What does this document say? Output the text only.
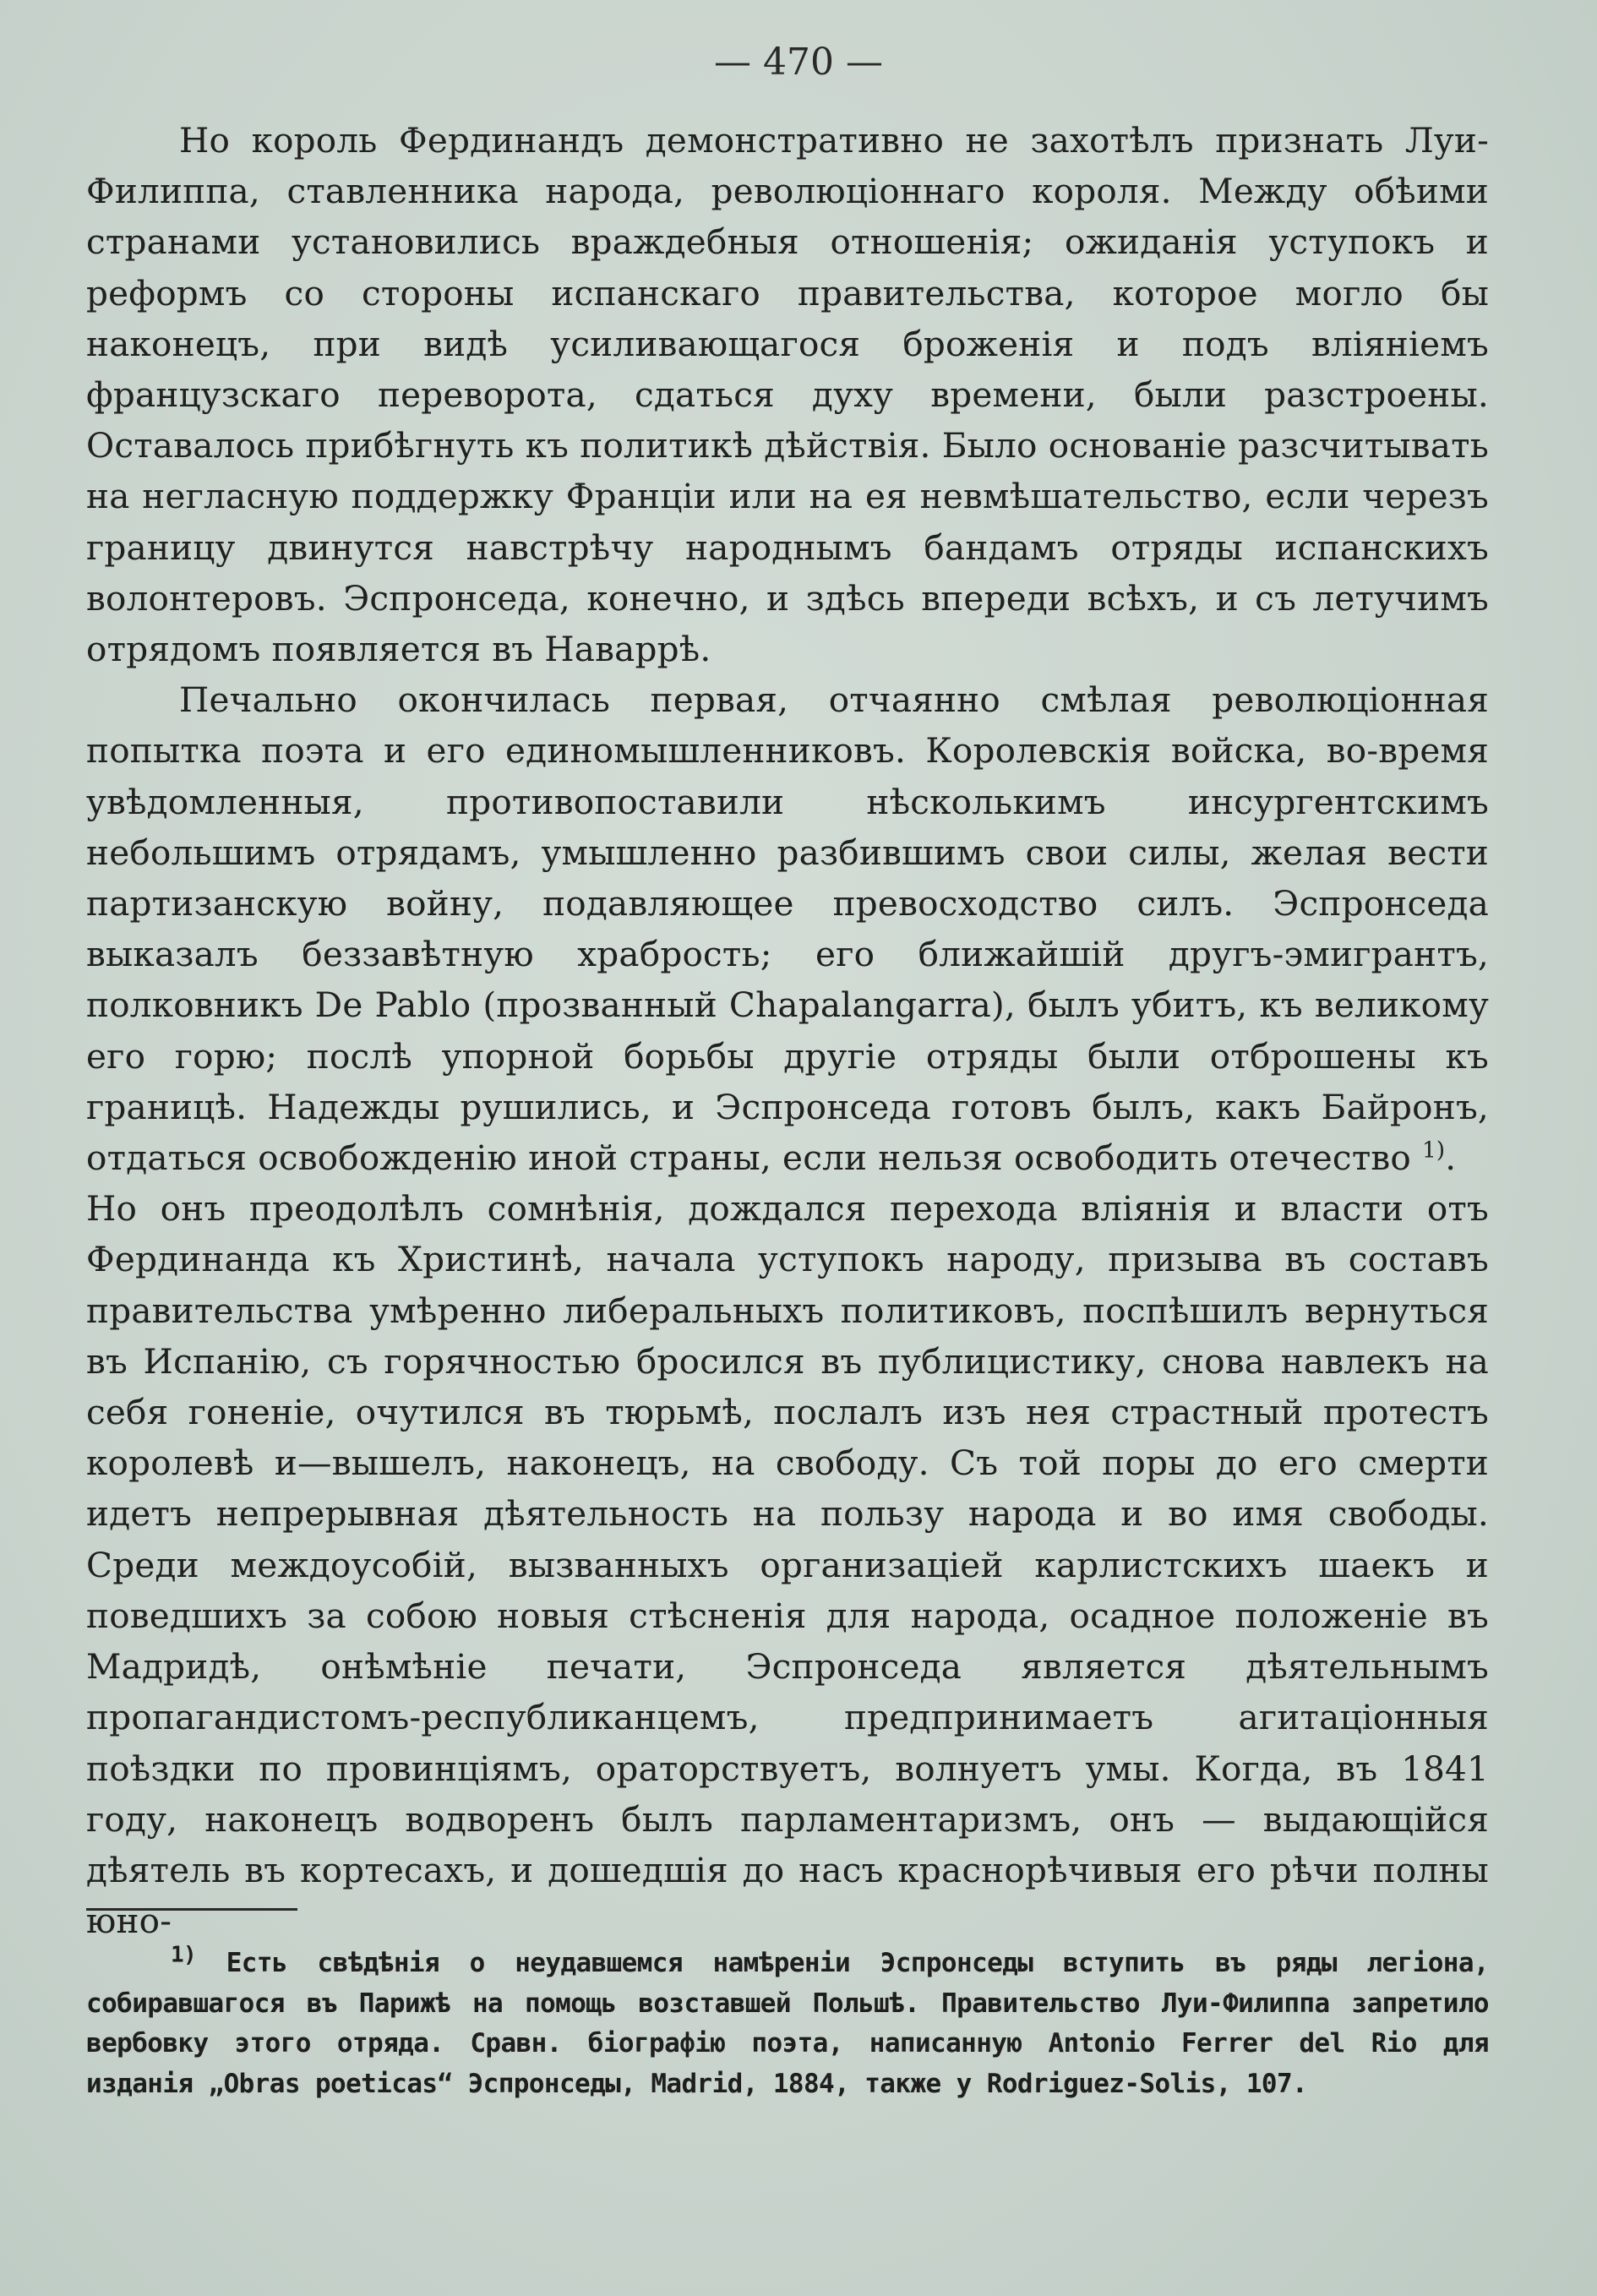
— 470 —

Но король Фердинандъ демонстративно не захотѣлъ признать Луи-Филиппа, ставленника народа, революціоннаго короля. Между обѣими странами установились враждебныя отношенія; ожиданія уступокъ и реформъ со стороны испанскаго правительства, которое могло бы наконецъ, при видѣ усиливающагося броженія и подъ вліяніемъ французскаго переворота, сдаться духу времени, были разстроены. Оставалось прибѣгнуть къ политикѣ дѣйствія. Было основаніе разсчитывать на негласную поддержку Франціи или на ея невмѣшательство, если черезъ границу двинутся навстрѣчу народнымъ бандамъ отряды испанскихъ волонтеровъ. Эспронседа, конечно, и здѣсь впереди всѣхъ, и съ летучимъ отрядомъ появляется въ Наваррѣ.

Печально окончилась первая, отчаянно смѣлая революціонная попытка поэта и его единомышленниковъ. Королевскія войска, во-время увѣдомленныя, противопоставили нѣсколькимъ инсургентскимъ небольшимъ отрядамъ, умышленно разбившимъ свои силы, желая вести партизанскую войну, подавляющее превосходство силъ. Эспронседа выказалъ беззавѣтную храбрость; его ближайшій другъ-эмигрантъ, полковникъ De Pablo (прозванный Chapalangarra), былъ убитъ, къ великому его горю; послѣ упорной борьбы другіе отряды были отброшены къ границѣ. Надежды рушились, и Эспронседа готовъ былъ, какъ Байронъ, отдаться освобожденію иной страны, если нельзя освободить отечество $^{1)}$.

Но онъ преодолѣлъ сомнѣнія, дождался перехода вліянія и власти отъ Фердинанда къ Христинѣ, начала уступокъ народу, призыва въ составъ правительства умѣренно либеральныхъ политиковъ, поспѣшилъ вернуться въ Испанію, съ горячностью бросился въ публицистику, снова навлекъ на себя гоненіе, очутился въ тюрьмѣ, послалъ изъ нея страстный протестъ королевѣ и—вышелъ, наконецъ, на свободу. Съ той поры до его смерти идетъ непрерывная дѣятельность на пользу народа и во имя свободы. Среди междоусобій, вызванныхъ организаціей карлистскихъ шаекъ и поведшихъ за собою новыя стѣсненія для народа, осадное положеніе въ Мадридѣ, онѣмѣніе печати, Эспронседа является дѣятельнымъ пропагандистомъ-республиканцемъ, предпринимаетъ агитаціонныя поѣздки по провинціямъ, ораторствуетъ, волнуетъ умы. Когда, въ 1841 году, наконецъ водворенъ былъ парламентаризмъ, онъ — выдающійся дѣятель въ кортесахъ, и дошедшія до насъ краснорѣчивыя его рѣчи полны юно-

$^{1)}$ Есть свѣдѣнія о неудавшемся намѣреніи Эспронседы вступить въ ряды легіона, собиравшагося въ Парижѣ на помощь возставшей Польшѣ. Правительство Луи-Филиппа запретило вербовку этого отряда. Сравн. біографію поэта, написанную Antonio Ferrer del Rio для изданія „Obras poeticas“ Эспронседы, Madrid, 1884, также у Rodriguez-Solis, 107.
